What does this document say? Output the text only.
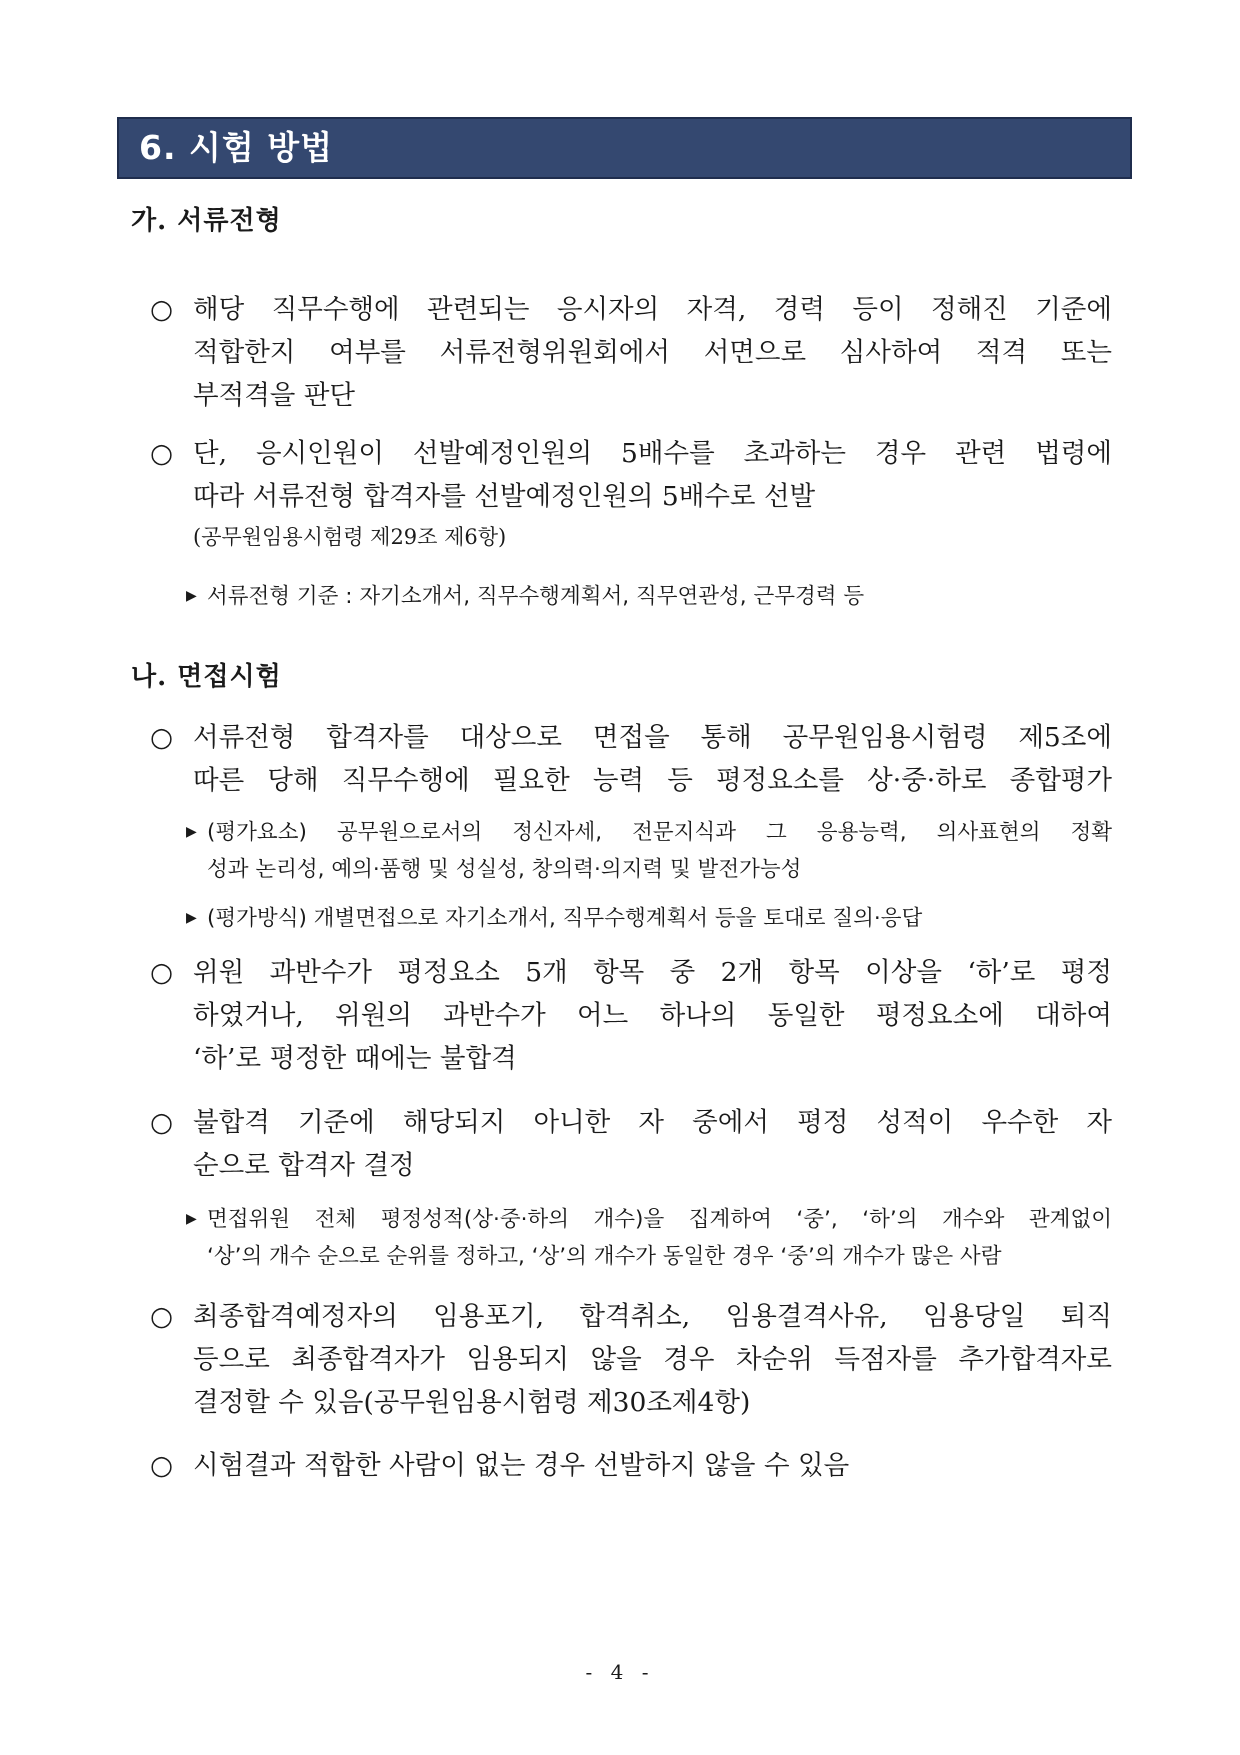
6. 시험 방법
가. 서류전형
○ 해당 직무수행에 관련되는 응시자의 자격, 경력 등이 정해진 기준에
적합한지 여부를 서류전형위원회에서 서면으로 심사하여 적격 또는
부적격을 판단
○ 단, 응시인원이 선발예정인원의 5배수를 초과하는 경우 관련 법령에
따라 서류전형 합격자를 선발예정인원의 5배수로 선발
(공무원임용시험령 제29조 제6항)
▶ 서류전형 기준 : 자기소개서, 직무수행계획서, 직무연관성, 근무경력 등
나. 면접시험
○ 서류전형 합격자를 대상으로 면접을 통해 공무원임용시험령 제5조에
따른 당해 직무수행에 필요한 능력 등 평정요소를 상·중·하로 종합평가
▶ (평가요소) 공무원으로서의 정신자세, 전문지식과 그 응용능력, 의사표현의 정확
성과 논리성, 예의·품행 및 성실성, 창의력·의지력 및 발전가능성
▶ (평가방식) 개별면접으로 자기소개서, 직무수행계획서 등을 토대로 질의·응답
○ 위원 과반수가 평정요소 5개 항목 중 2개 항목 이상을 ‘하’로 평정
하였거나, 위원의 과반수가 어느 하나의 동일한 평정요소에 대하여
‘하’로 평정한 때에는 불합격
○ 불합격 기준에 해당되지 아니한 자 중에서 평정 성적이 우수한 자
순으로 합격자 결정
▶ 면접위원 전체 평정성적(상·중·하의 개수)을 집계하여 ‘중’, ‘하’의 개수와 관계없이
‘상’의 개수 순으로 순위를 정하고, ‘상’의 개수가 동일한 경우 ‘중’의 개수가 많은 사람
○ 최종합격예정자의 임용포기, 합격취소, 임용결격사유, 임용당일 퇴직
등으로 최종합격자가 임용되지 않을 경우 차순위 득점자를 추가합격자로
결정할 수 있음(공무원임용시험령 제30조제4항)
○ 시험결과 적합한 사람이 없는 경우 선발하지 않을 수 있음
- 4 -
